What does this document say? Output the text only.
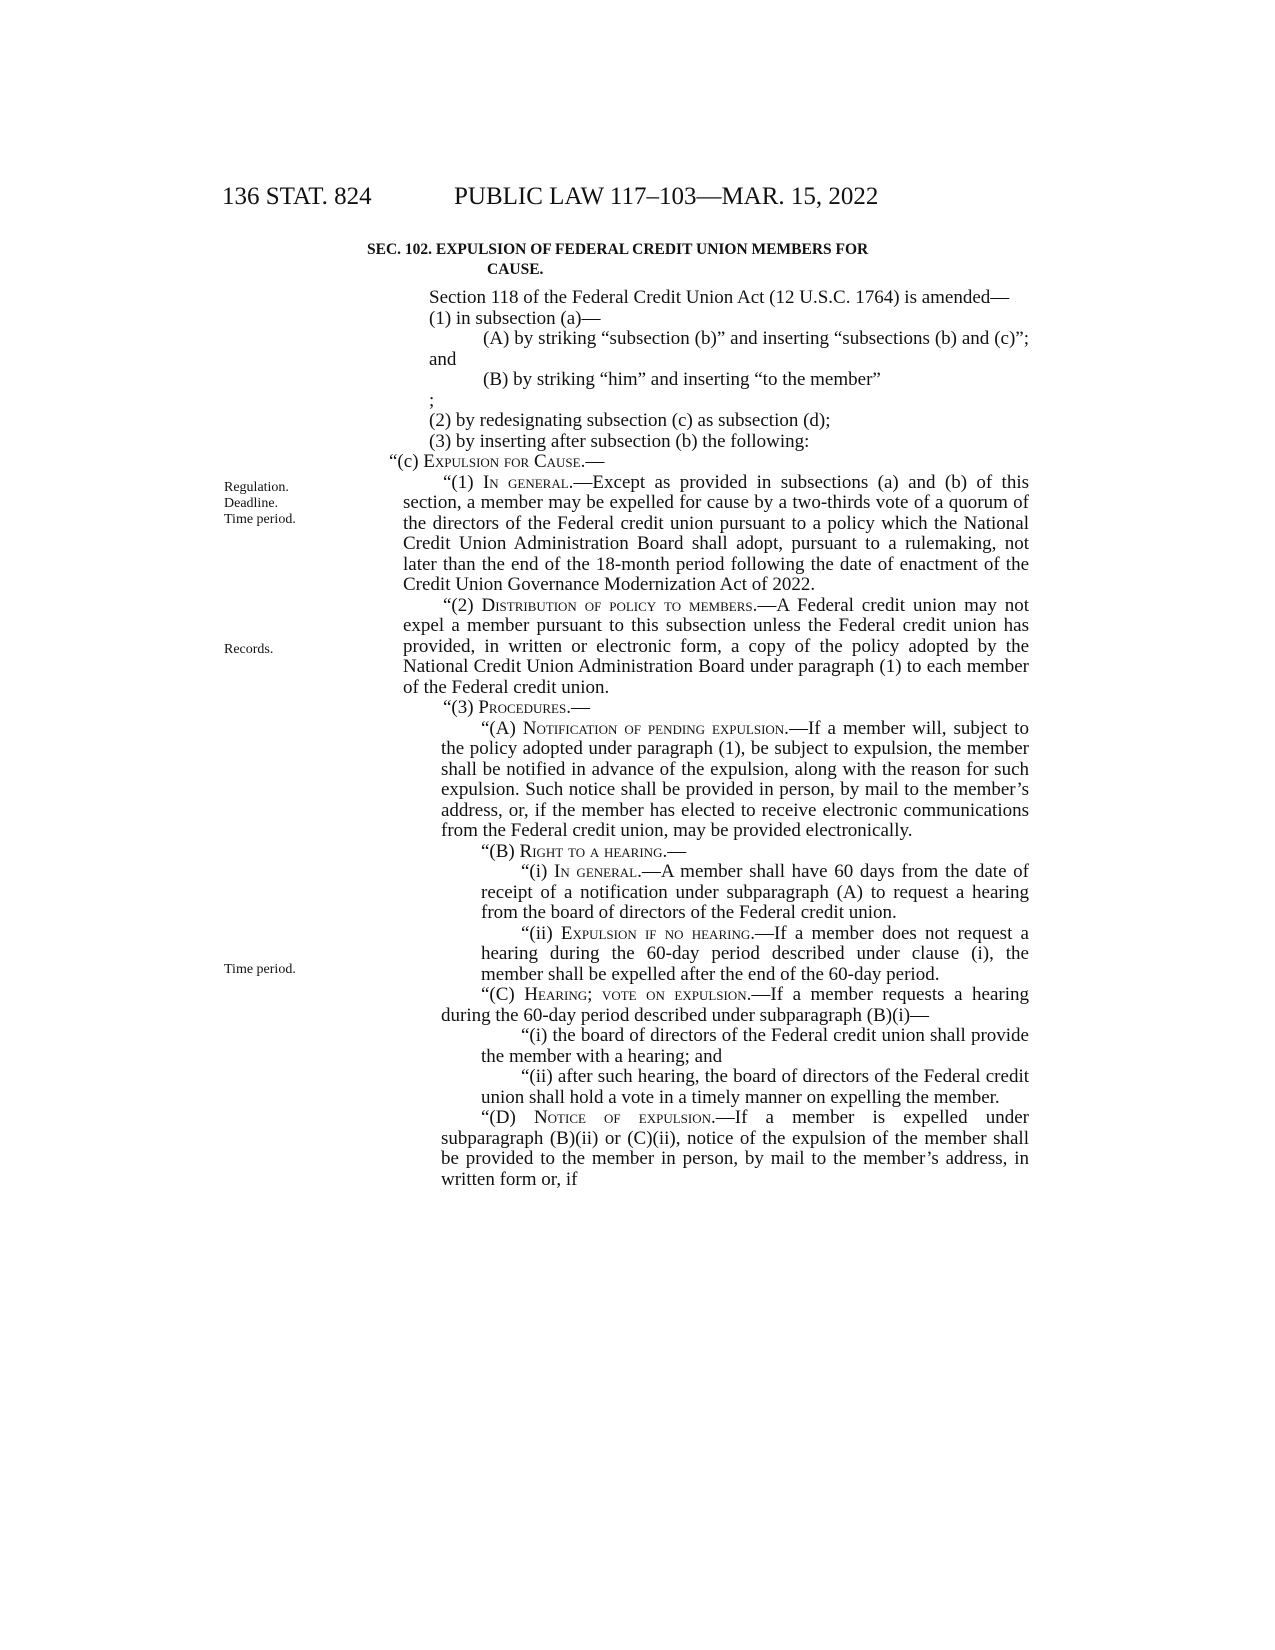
136 STAT. 824	PUBLIC LAW 117–103—MAR. 15, 2022
Regulation.
Deadline.
Time period.
Records.
Time period.
SEC. 102. EXPULSION OF FEDERAL CREDIT UNION MEMBERS FOR
CAUSE.

Section 118 of the Federal Credit Union Act (12 U.S.C. 1764) is amended—

(1) in subsection (a)—

(A) by striking “subsection (b)” and inserting “subsections (b) and (c)”; and

(B) by striking “him” and inserting “to the member”

;

(2) by redesignating subsection (c) as subsection (d);

(3) by inserting after subsection (b) the following:

“(c) Expulsion for Cause.—

“(1) In general.—Except as provided in subsections (a) and (b) of this section, a member may be expelled for cause by a two-thirds vote of a quorum of the directors of the Federal credit union pursuant to a policy which the National Credit Union Administration Board shall adopt, pursuant to a rulemaking, not later than the end of the 18-month period following the date of enactment of the Credit Union Governance Modernization Act of 2022.

“(2) Distribution of policy to members.—A Federal credit union may not expel a member pursuant to this subsection unless the Federal credit union has provided, in written or electronic form, a copy of the policy adopted by the National Credit Union Administration Board under paragraph (1) to each member of the Federal credit union.

“(3) Procedures.—

“(A) Notification of pending expulsion.—If a member will, subject to the policy adopted under paragraph (1), be subject to expulsion, the member shall be notified in advance of the expulsion, along with the reason for such expulsion. Such notice shall be provided in person, by mail to the member’s address, or, if the member has elected to receive electronic communications from the Federal credit union, may be provided electronically.

“(B) Right to a hearing.—

“(i) In general.—A member shall have 60 days from the date of receipt of a notification under subparagraph (A) to request a hearing from the board of directors of the Federal credit union.

“(ii) Expulsion if no hearing.—If a member does not request a hearing during the 60-day period described under clause (i), the member shall be expelled after the end of the 60-day period.

“(C) Hearing; vote on expulsion.—If a member requests a hearing during the 60-day period described under subparagraph (B)(i)—

“(i) the board of directors of the Federal credit union shall provide the member with a hearing; and

“(ii) after such hearing, the board of directors of the Federal credit union shall hold a vote in a timely manner on expelling the member.

“(D) Notice of expulsion.—If a member is expelled under subparagraph (B)(ii) or (C)(ii), notice of the expulsion of the member shall be provided to the member in person, by mail to the member’s address, in written form or, if
